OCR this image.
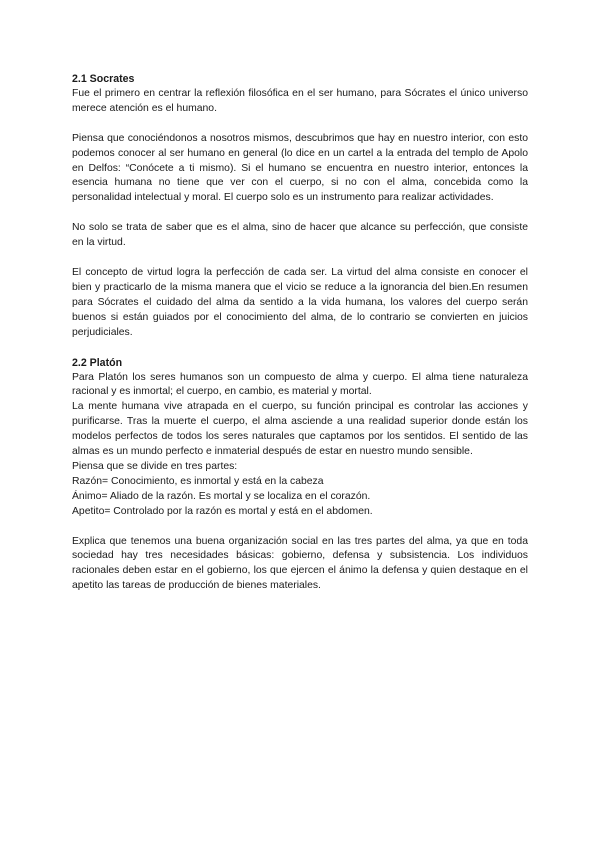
2.1 Socrates

Fue el primero en centrar la reflexión filosófica en el ser humano, para Sócrates el único universo merece atención es el humano.

Piensa que conociéndonos a nosotros mismos, descubrimos que hay en nuestro interior, con esto podemos conocer al ser humano en general (lo dice en un cartel a la entrada del templo de Apolo en Delfos: “Conócete a ti mismo). Si el humano se encuentra en nuestro interior, entonces la esencia humana no tiene que ver con el cuerpo, si no con el alma, concebida como la personalidad intelectual y moral. El cuerpo solo es un instrumento para realizar actividades.

No solo se trata de saber que es el alma, sino de hacer que alcance su perfección, que consiste en la virtud.

El concepto de virtud logra la perfección de cada ser. La virtud del alma consiste en conocer el bien y practicarlo de la misma manera que el vicio se reduce a la ignorancia del bien.En resumen para Sócrates el cuidado del alma da sentido a la vida humana, los valores del cuerpo serán buenos si están guiados por el conocimiento del alma, de lo contrario se convierten en juicios perjudiciales.

2.2 Platón

Para Platón los seres humanos son un compuesto de alma y cuerpo. El alma tiene naturaleza racional y es inmortal; el cuerpo, en cambio, es material y mortal.

La mente humana vive atrapada en el cuerpo, su función principal es controlar las acciones y purificarse. Tras la muerte el cuerpo, el alma asciende a una realidad superior donde están los modelos perfectos de todos los seres naturales que captamos por los sentidos. El sentido de las almas es un mundo perfecto e inmaterial después de estar en nuestro mundo sensible.

Piensa que se divide en tres partes:

Razón= Conocimiento, es inmortal y está en la cabeza

Ánimo= Aliado de la razón. Es mortal y se localiza en el corazón.

Apetito= Controlado por la razón es mortal y está en el abdomen.

Explica que tenemos una buena organización social en las tres partes del alma, ya que en toda sociedad hay tres necesidades básicas: gobierno, defensa y subsistencia. Los individuos racionales deben estar en el gobierno, los que ejercen el ánimo la defensa y quien destaque en el apetito las tareas de producción de bienes materiales.
